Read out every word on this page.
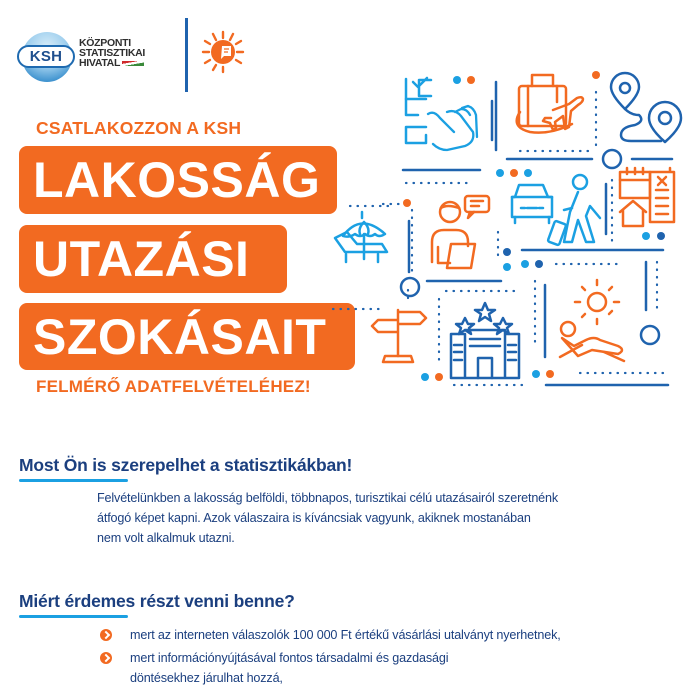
KSH
KÖZPONTI
STATISZTIKAI
HIVATAL
CSATLAKOZZON A KSH
LAKOSSÁG
UTAZÁSI
SZOKÁSAIT
FELMÉRŐ ADATFELVÉTELÉHEZ!
Most Ön is szerepelhet a statisztikákban!
Felvételünkben a lakosság belföldi, többnapos, turisztikai célú utazásairól szeretnénk
átfogó képet kapni. Azok válaszaira is kíváncsiak vagyunk, akiknek mostanában
nem volt alkalmuk utazni.
Miért érdemes részt venni benne?
mert az interneten válaszolók 100 000 Ft értékű vásárlási utalványt nyerhetnek,
mert információnyújtásával fontos társadalmi és gazdasági
döntésekhez járulhat hozzá,
